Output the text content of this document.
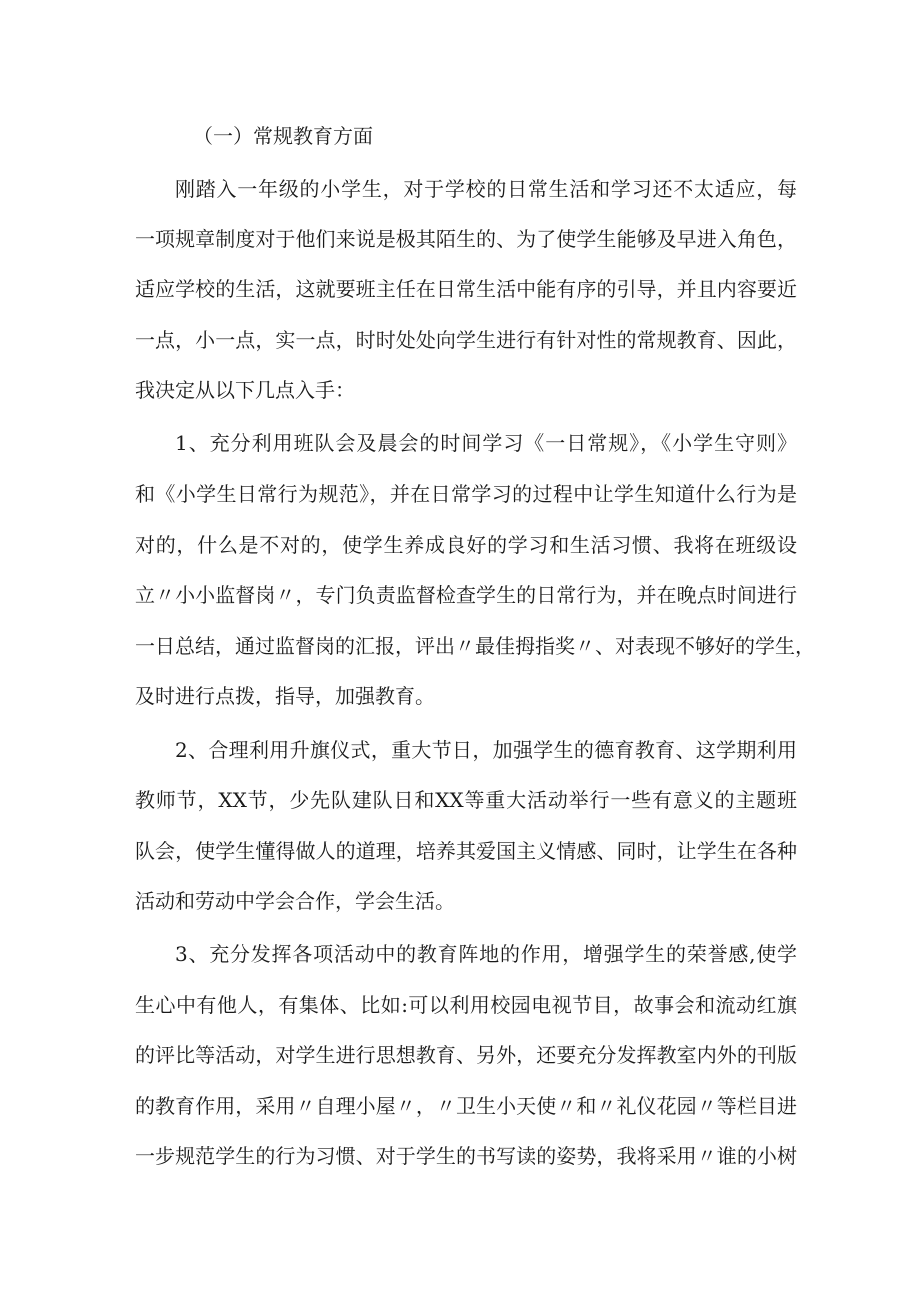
（一）常规教育方面
刚踏入一年级的小学生，对于学校的日常生活和学习还不太适应，每
一项规章制度对于他们来说是极其陌生的、为了使学生能够及早进入角色，
适应学校的生活，这就要班主任在日常生活中能有序的引导，并且内容要近
一点，小一点，实一点，时时处处向学生进行有针对性的常规教育、因此，
我决定从以下几点入手：
1、充分利用班队会及晨会的时间学习《一日常规》，《小学生守则》
和《小学生日常行为规范》，并在日常学习的过程中让学生知道什么行为是
对的，什么是不对的，使学生养成良好的学习和生活习惯、我将在班级设
立〃小小监督岗〃，专门负责监督检查学生的日常行为，并在晚点时间进行
一日总结，通过监督岗的汇报，评出〃最佳拇指奖〃、对表现不够好的学生，
及时进行点拨，指导，加强教育。
2、合理利用升旗仪式，重大节日，加强学生的德育教育、这学期利用
教师节，XX节，少先队建队日和XX等重大活动举行一些有意义的主题班
队会，使学生懂得做人的道理，培养其爱国主义情感、同时，让学生在各种
活动和劳动中学会合作，学会生活。
3、充分发挥各项活动中的教育阵地的作用，增强学生的荣誉感,使学
生心中有他人，有集体、比如:可以利用校园电视节目，故事会和流动红旗
的评比等活动，对学生进行思想教育、另外，还要充分发挥教室内外的刊版
的教育作用，采用〃自理小屋〃，〃卫生小天使〃和〃礼仪花园〃等栏目进
一步规范学生的行为习惯、对于学生的书写读的姿势，我将采用〃谁的小树
